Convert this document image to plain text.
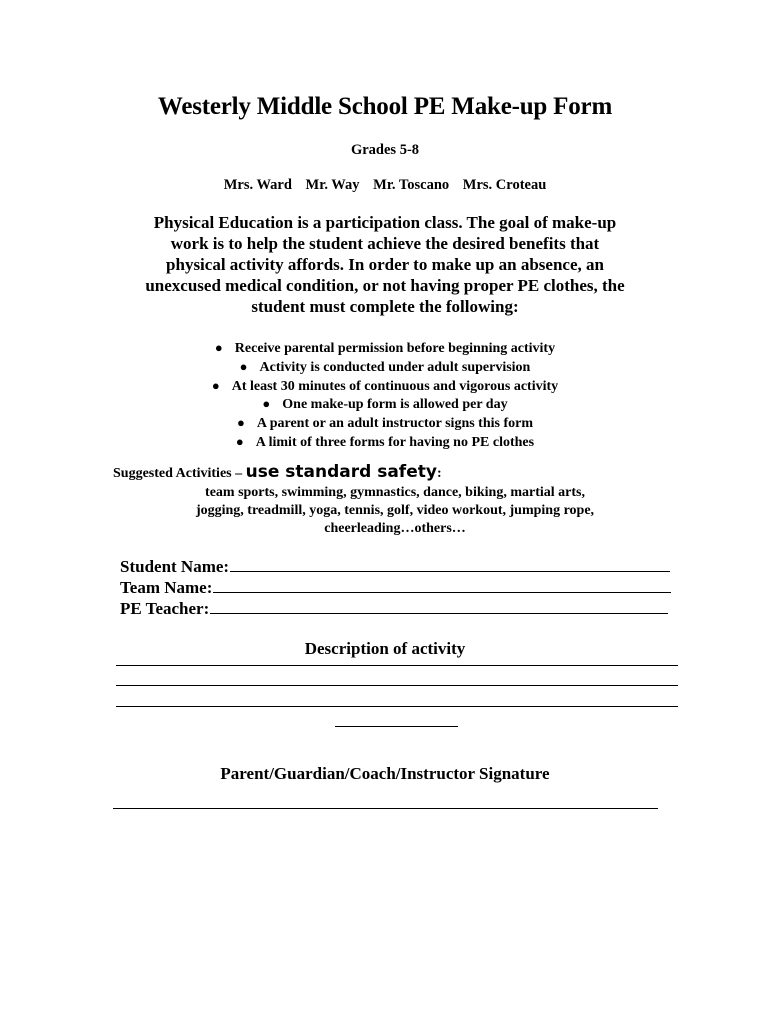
Westerly Middle School PE Make-up Form
Grades 5-8
Mrs. Ward Mr. Way Mr. Toscano Mrs. Croteau
Physical Education is a participation class. The goal of make-up work is to help the student achieve the desired benefits that physical activity affords. In order to make up an absence, an unexcused medical condition, or not having proper PE clothes, the student must complete the following:
● Receive parental permission before beginning activity
● Activity is conducted under adult supervision
● At least 30 minutes of continuous and vigorous activity
● One make-up form is allowed per day
● A parent or an adult instructor signs this form
● A limit of three forms for having no PE clothes
Suggested Activities – use standard safety:
team sports, swimming, gymnastics, dance, biking, martial arts, jogging, treadmill, yoga, tennis, golf, video workout, jumping rope, cheerleading…others…
Student Name:
Team Name:
PE Teacher:
Description of activity
Parent/Guardian/Coach/Instructor Signature
